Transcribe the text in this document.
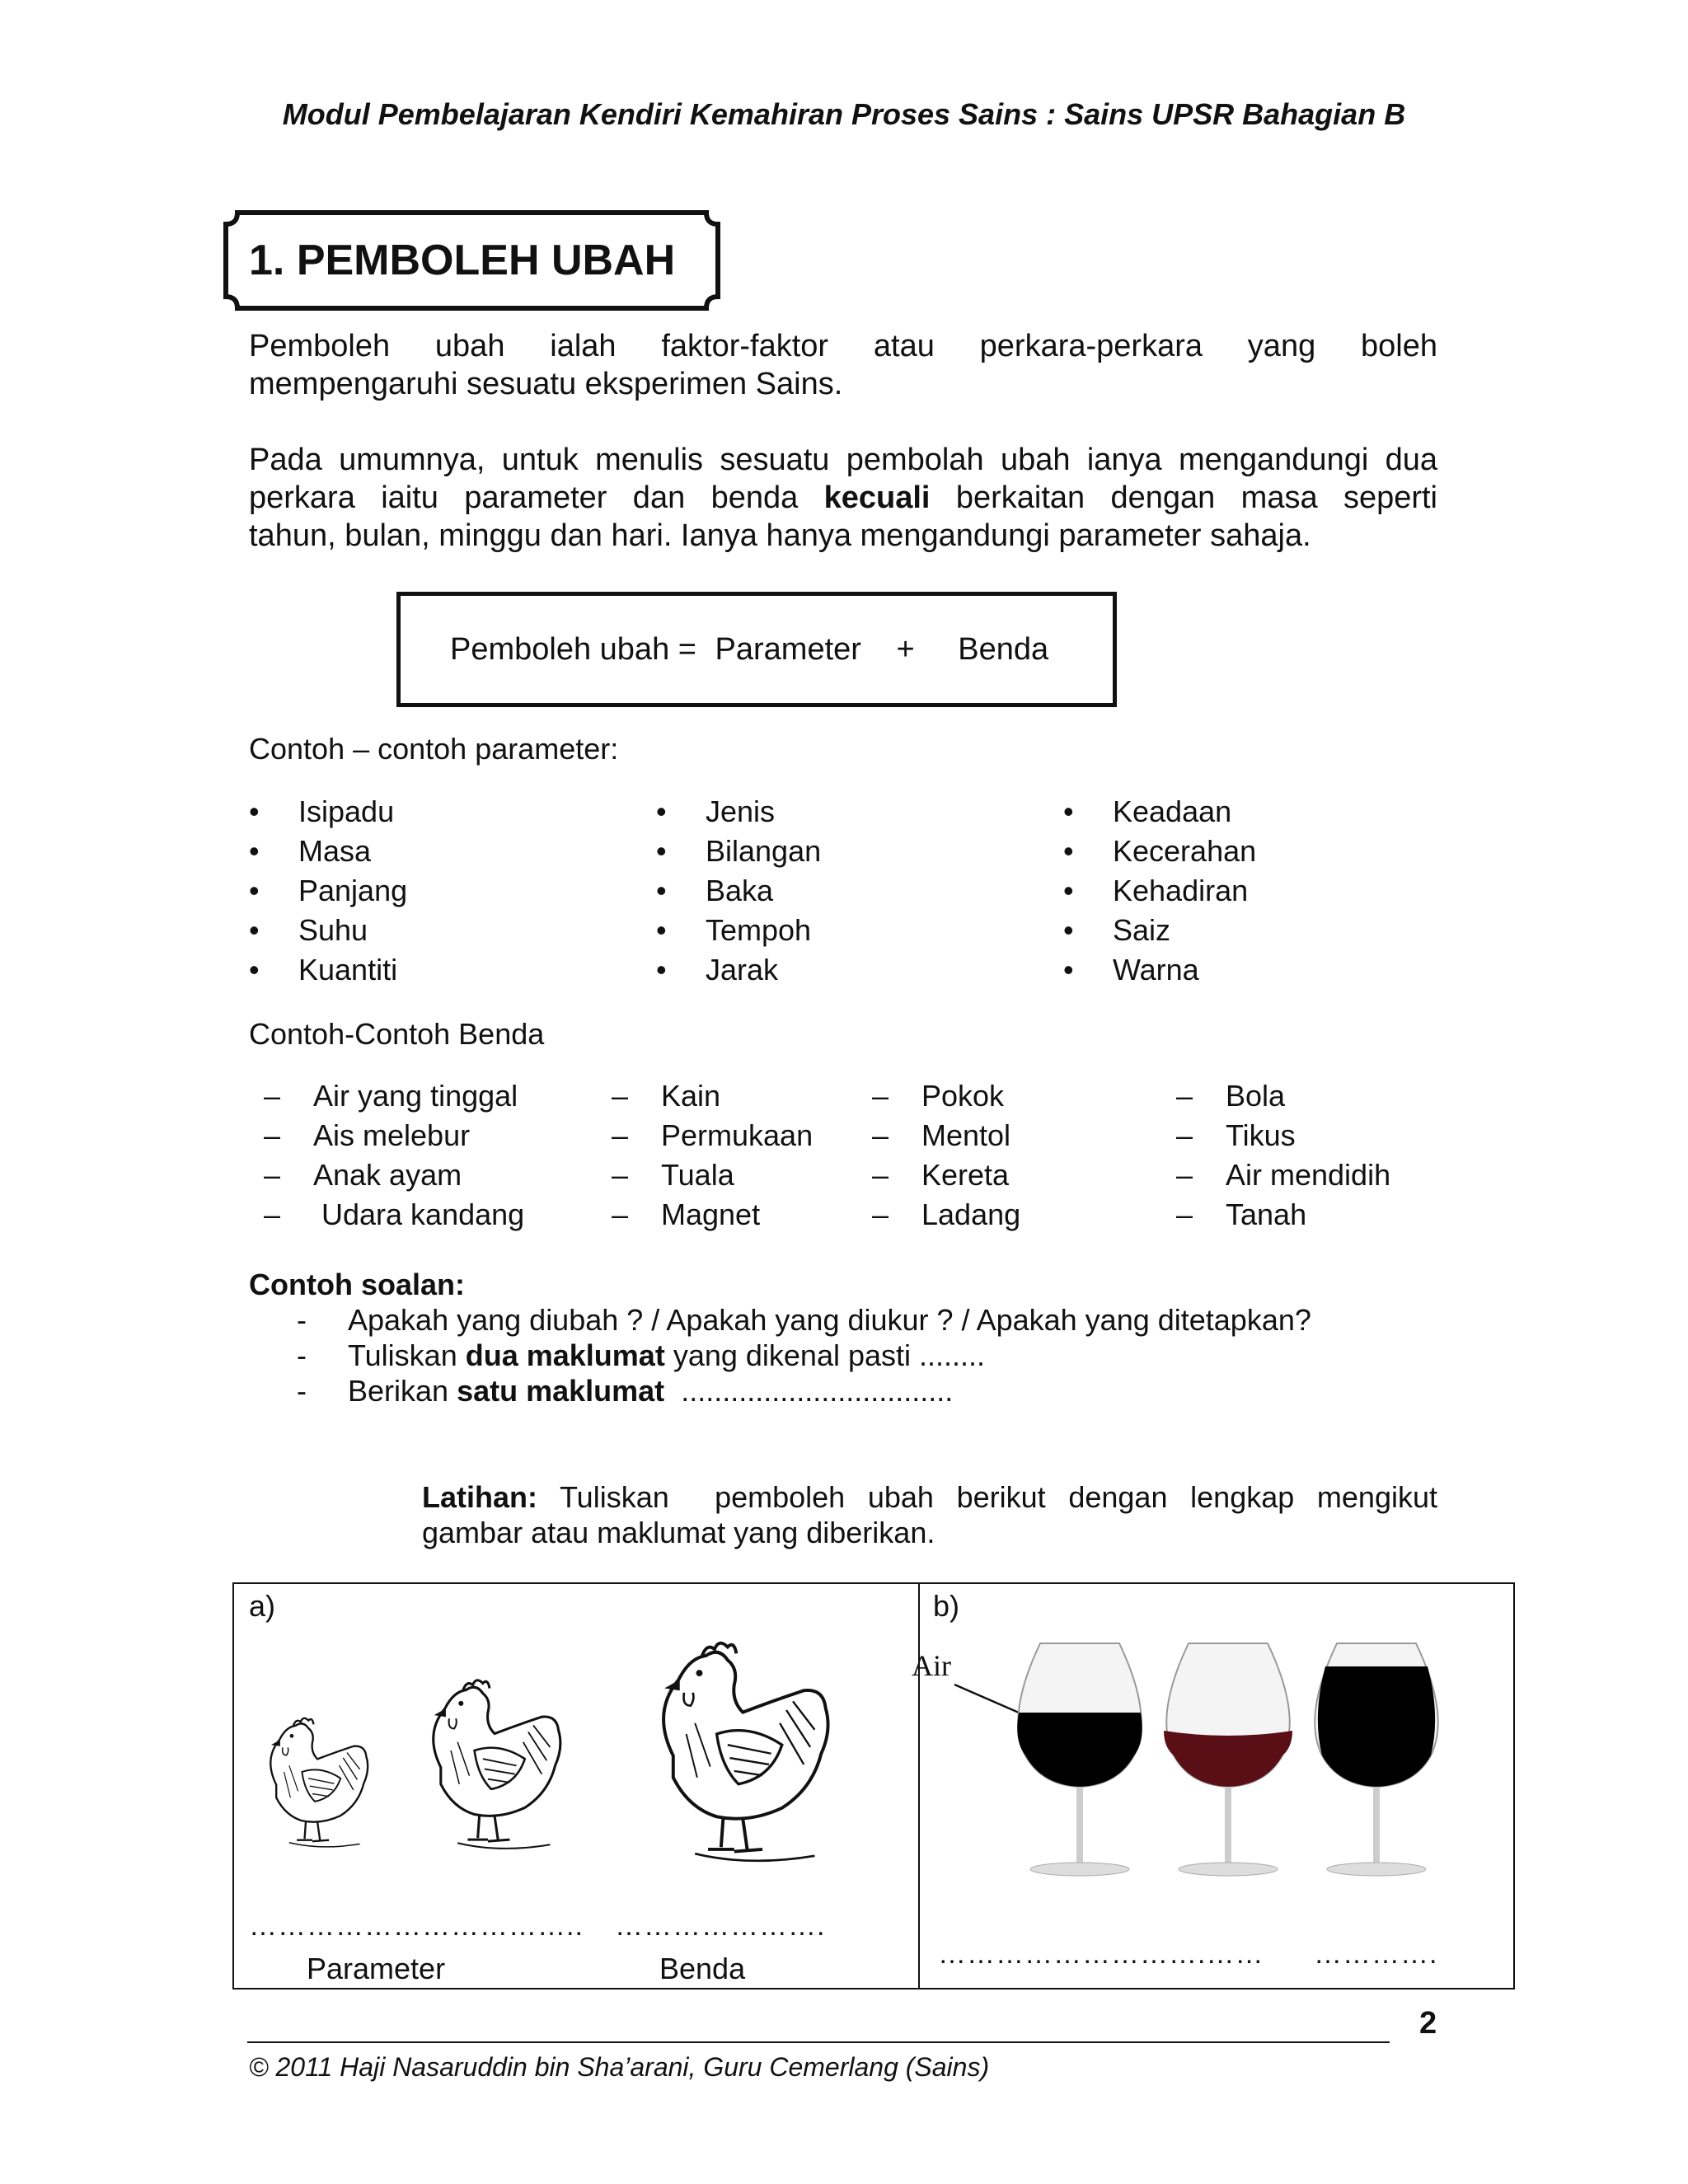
Modul Pembelajaran Kendiri Kemahiran Proses Sains : Sains UPSR Bahagian B
1. PEMBOLEH UBAH

Pemboleh ubah ialah faktor-faktor atau perkara-perkara yang boleh

mempengaruhi sesuatu eksperimen Sains.

Pada umumnya, untuk menulis sesuatu pembolah ubah ianya mengandungi dua

perkara iaitu parameter dan benda kecuali berkaitan dengan masa seperti

tahun, bulan, minggu dan hari. Ianya hanya mengandungi parameter sahaja.

Pemboleh ubah = Parameter + Benda
Contoh – contoh parameter:
• Isipadu
• Masa
• Panjang
• Suhu
• Kuantiti
• Jenis
• Bilangan
• Baka
• Tempoh
• Jarak
• Keadaan
• Kecerahan
• Kehadiran
• Saiz
• Warna
Contoh-Contoh Benda
– Air yang tinggal
– Ais melebur
– Anak ayam
–  Udara kandang
– Kain
– Permukaan
– Tuala
– Magnet
– Pokok
– Mentol
– Kereta
– Ladang
– Bola
– Tikus
– Air mendidih
– Tanah
Contoh soalan:
- Apakah yang diubah ? / Apakah yang diukur ? / Apakah yang ditetapkan?
- Tuliskan dua maklumat yang dikenal pasti ........
- Berikan satu maklumat  .................................

Latihan: Tuliskan  pemboleh ubah berikut dengan lengkap mengikut

gambar atau maklumat yang diberikan.

a)
…………………………….. ………………….
Parameter	Benda
b)
Air
……………………….…… ………….
2
© 2011 Haji Nasaruddin bin Sha’arani, Guru Cemerlang (Sains)
